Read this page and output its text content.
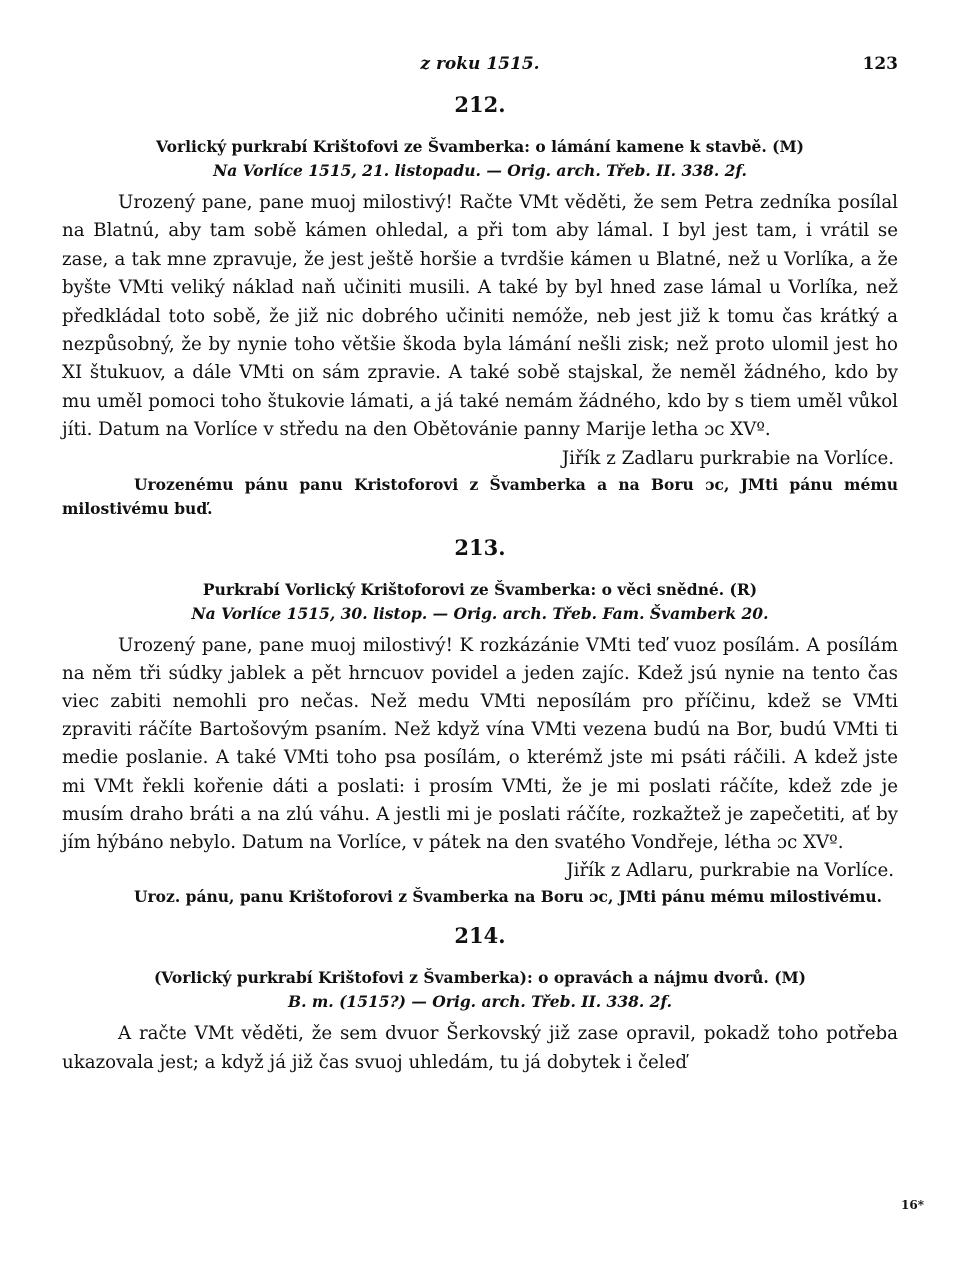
z roku 1515.	123
212.
Vorlický purkrabí Krištofovi ze Švamberka: o lámání kamene k stavbě. (M)
Na Vorlíce 1515, 21. listopadu. — Orig. arch. Třeb. II. 338. 2f.

Urozený pane, pane muoj milostivý! Račte VMt věděti, že sem Petra zedníka posílal na Blatnú, aby tam sobě kámen ohledal, a při tom aby lámal. I byl jest tam, i vrátil se zase, a tak mne zpravuje, že jest ještě horšie a tvrdšie kámen u Blatné, než u Vorlíka, a že byšte VMti veliký náklad naň učiniti musili. A také by byl hned zase lámal u Vorlíka, než předkládal toto sobě, že již nic dobrého učiniti nemóže, neb jest již k tomu čas krátký a nezpůsobný, že by nynie toho většie škoda byla lámání nešli zisk; než proto ulomil jest ho XI štukuov, a dále VMti on sám zpravie. A také sobě stajskal, že neměl žádného, kdo by mu uměl pomoci toho štukovie lámati, a já také nemám žádného, kdo by s tiem uměl vůkol jíti. Datum na Vorlíce v středu na den Obětovánie panny Marije letha ɔc XVº.

Jiřík z Zadlaru purkrabie na Vorlíce.
Urozenému pánu panu Kristoforovi z Švamberka a na Boru ɔc, JMti pánu mému milostivému buď.
213.
Purkrabí Vorlický Krištoforovi ze Švamberka: o věci snědné. (R)
Na Vorlíce 1515, 30. listop. — Orig. arch. Třeb. Fam. Švamberk 20.

Urozený pane, pane muoj milostivý! K rozkázánie VMti teď vuoz posílám. A posílám na něm tři súdky jablek a pět hrncuov povidel a jeden zajíc. Kdež jsú nynie na tento čas viec zabiti nemohli pro nečas. Než medu VMti neposílám pro příčinu, kdež se VMti zpraviti ráčíte Bartošovým psaním. Než když vína VMti vezena budú na Bor, budú VMti ti medie poslanie. A také VMti toho psa posílám, o kterémž jste mi psáti ráčili. A kdež jste mi VMt řekli kořenie dáti a poslati: i prosím VMti, že je mi poslati ráčíte, kdež zde je musím draho bráti a na zlú váhu. A jestli mi je poslati ráčíte, rozkažtež je zapečetiti, ať by jím hýbáno nebylo. Datum na Vorlíce, v pátek na den svatého Vondřeje, létha ɔc XVº.

Jiřík z Adlaru, purkrabie na Vorlíce.
Uroz. pánu, panu Krištoforovi z Švamberka na Boru ɔc, JMti pánu mému milostivému.
214.
(Vorlický purkrabí Krištofovi z Švamberka): o opravách a nájmu dvorů. (M)
B. m. (1515?) — Orig. arch. Třeb. II. 338. 2f.

A račte VMt věděti, že sem dvuor Šerkovský již zase opravil, pokadž toho potřeba ukazovala jest; a když já již čas svuoj uhledám, tu já dobytek i čeleď

16*
